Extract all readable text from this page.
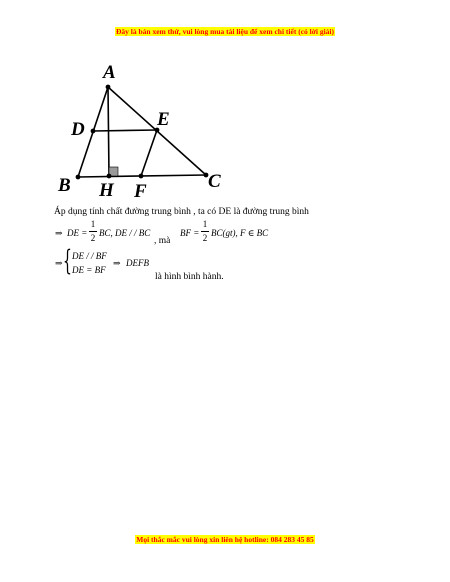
Đây là bản xem thử, vui lòng mua tài liệu để xem chi tiết (có lời giải)
A
D	E
B H F	C
Áp dụng tính chất đường trung bình , ta có DE là đường trung bình
⇒ DE =
1
2 BC, DE / / BC
, mà
BF =
1
2 BC(gt), F ∈ BC
⇒ { DE / / BF
DE = BF
⇒ DEFB
là hình bình hành.
Mọi thắc mắc vui lòng xin liên hệ hotline: 084 283 45 85
